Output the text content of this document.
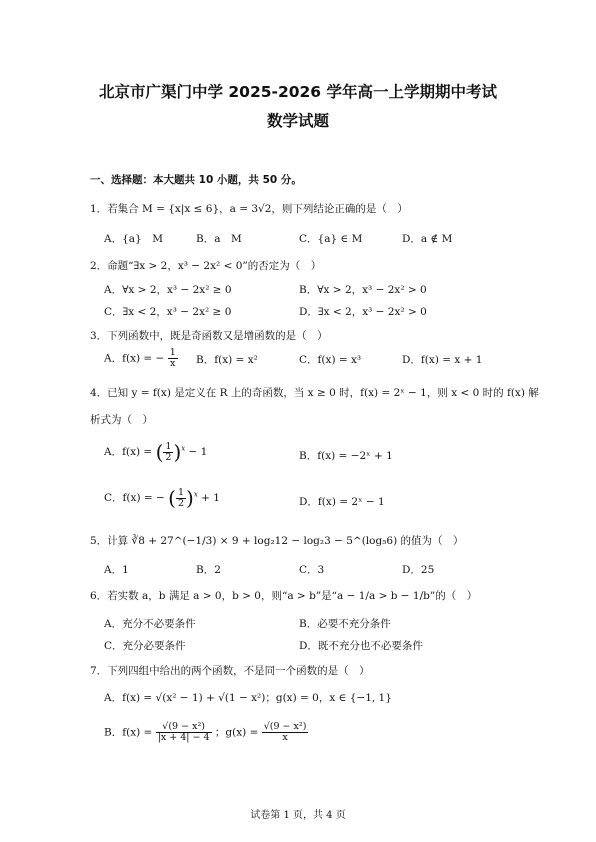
北京市广渠门中学 2025-2026 学年高一上学期期中考试
数学试题
一、选择题：本大题共 10 小题，共 50 分。
1．若集合 M = {x|x ≤ 6}，a = 3√2，则下列结论正确的是（　）
A．{a}　M	B．a　M	C．{a} ∈ M	D．a ∉ M
2．命题“∃x > 2，x³ − 2x² < 0”的否定为（　）
A．∀x > 2，x³ − 2x² ≥ 0	B．∀x > 2，x³ − 2x² > 0
C．∃x < 2，x³ − 2x² ≥ 0	D．∃x < 2，x³ − 2x² > 0
3．下列函数中，既是奇函数又是增函数的是（　）
A．f(x) = − $\frac{1}{x}$ B．f(x) = x²	C．f(x) = x³	D．f(x) = x + 1
4．已知 y = f(x) 是定义在 R 上的奇函数，当 x ≥ 0 时，f(x) = 2ˣ − 1，则 x < 0 时的 f(x) 解
析式为（　）
A．f(x) = ( $\frac{1}{2} )^x - 1$	B．f(x) = −2ˣ + 1
C．f(x) = − ( $\frac{1}{2} )^x + 1$	D．f(x) = 2ˣ − 1
5．计算 ∛8 + 27^(−1/3) × 9 + log₂12 − log₂3 − 5^(log₅6) 的值为（　）
A．1	B．2	C．3	D．25
6．若实数 a，b 满足 a > 0，b > 0，则“a > b”是“a − 1/a > b − 1/b”的（　）
A．充分不必要条件	B．必要不充分条件
C．充分必要条件	D．既不充分也不必要条件
7．下列四组中给出的两个函数，不是同一个函数的是（　）
A．f(x) = √(x² − 1) + √(1 − x²)；g(x) = 0，x ∈ {−1, 1}
B．$f(x) = \frac{\text{√(9 − x²)}}{|x + 4| - 4}$ ；$g(x) = \frac{\text{√(9 − x²)}}{x}$
试卷第 1 页，共 4 页
